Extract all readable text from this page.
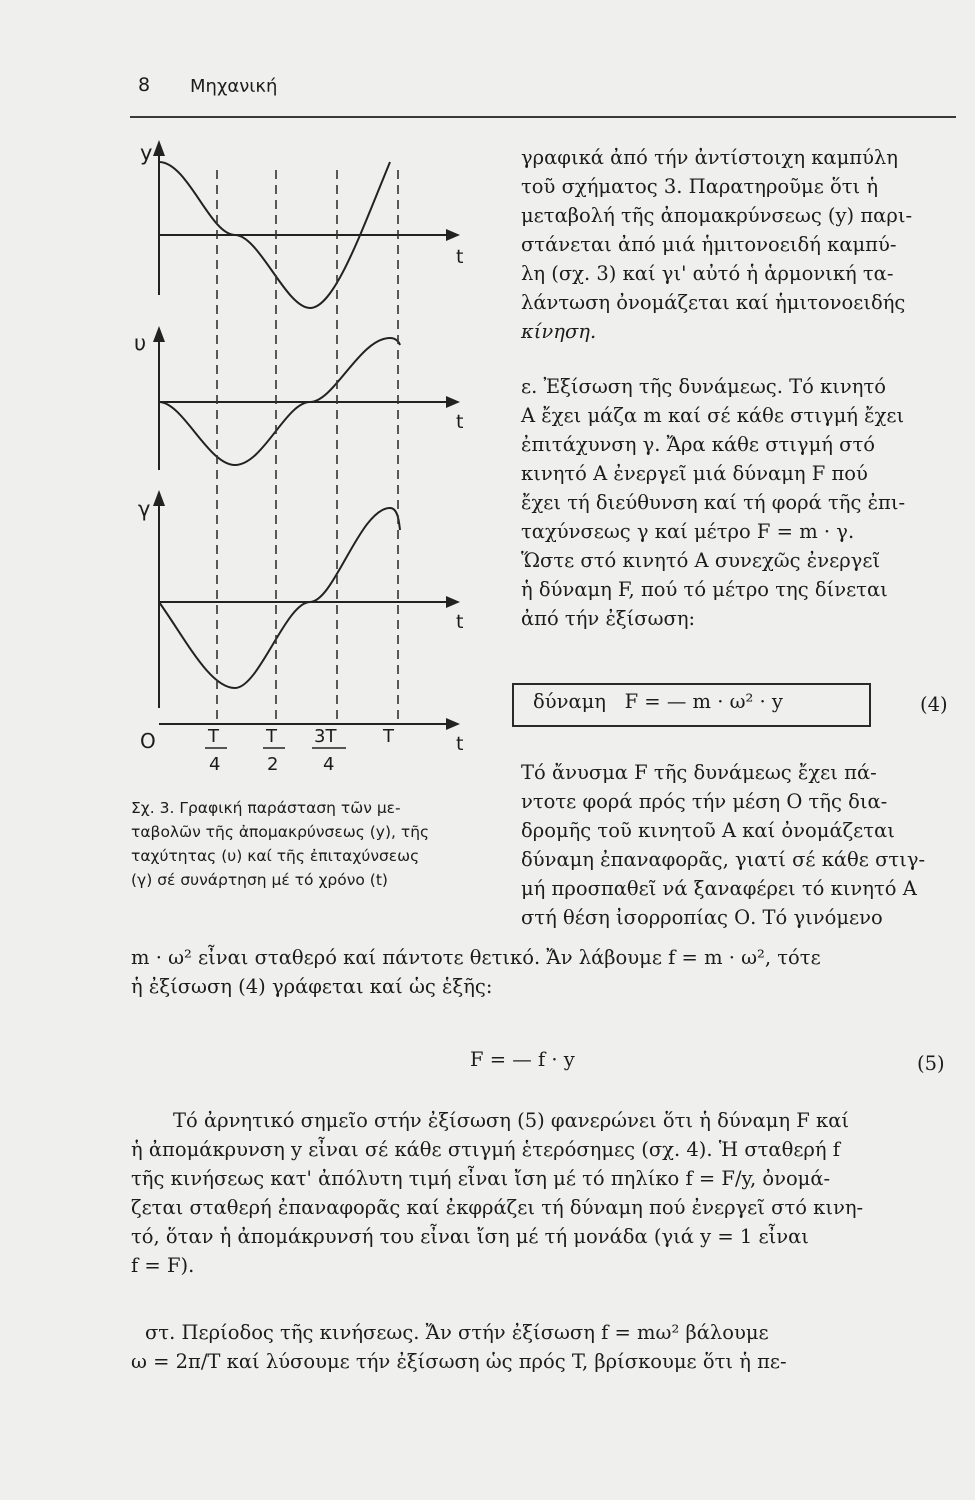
8 Μηχανική
y
t
υ
t
γ
t
O	t
T
4
T
2
3T
4
T
Σχ. 3. Γραφική παράσταση τῶν με-
ταβολῶν τῆς ἀπομακρύνσεως (y), τῆς
ταχύτητας (υ) καί τῆς ἐπιταχύνσεως
(γ) σέ συνάρτηση μέ τό χρόνο (t)
γραφικά ἀπό τήν ἀντίστοιχη καμπύλη
τοῦ σχήματος 3. Παρατηροῦμε ὅτι ἡ
μεταβολή τῆς ἀπομακρύνσεως (y) παρι-
στάνεται ἀπό μιά ἡμιτονοειδή καμπύ-
λη (σχ. 3) καί γι' αὐτό ἡ ἁρμονική τα-
λάντωση ὀνομάζεται καί ἡμιτονοειδής
κίνηση.
ε. Ἐξίσωση τῆς δυνάμεως. Τό κινητό
Α ἔχει μάζα m καί σέ κάθε στιγμή ἔχει
ἐπιτάχυνση γ. Ἄρα κάθε στιγμή στό
κινητό Α ἐνεργεῖ μιά δύναμη F πού
ἔχει τή διεύθυνση καί τή φορά τῆς ἐπι-
ταχύνσεως γ καί μέτρο F = m · γ.
Ὥστε στό κινητό Α συνεχῶς ἐνεργεῖ
ἡ δύναμη F, πού τό μέτρο της δίνεται
ἀπό τήν ἐξίσωση:
δύναμη   F = — m · ω² · y	(4)
Τό ἄνυσμα F τῆς δυνάμεως ἔχει πά-
ντοτε φορά πρός τήν μέση Ο τῆς δια-
δρομῆς τοῦ κινητοῦ Α καί ὀνομάζεται
δύναμη ἐπαναφορᾶς, γιατί σέ κάθε στιγ-
μή προσπαθεῖ νά ξαναφέρει τό κινητό Α
στή θέση ἰσορροπίας Ο. Τό γινόμενο
m · ω² εἶναι σταθερό καί πάντοτε θετικό. Ἄν λάβουμε f = m · ω², τότε
ἡ ἐξίσωση (4) γράφεται καί ὡς ἑξῆς:
F = — f · y	(5)
Τό ἀρνητικό σημεῖο στήν ἐξίσωση (5) φανερώνει ὅτι ἡ δύναμη F καί
ἡ ἀπομάκρυνση y εἶναι σέ κάθε στιγμή ἑτερόσημες (σχ. 4). Ἡ σταθερή f
τῆς κινήσεως κατ' ἀπόλυτη τιμή εἶναι ἴση μέ τό πηλίκο f = F/y, ὀνομά-
ζεται σταθερή ἐπαναφορᾶς καί ἐκφράζει τή δύναμη πού ἐνεργεῖ στό κινη-
τό, ὅταν ἡ ἀπομάκρυνσή του εἶναι ἴση μέ τή μονάδα (γιά y = 1 εἶναι
f = F).
στ. Περίοδος τῆς κινήσεως. Ἄν στήν ἐξίσωση f = mω² βάλουμε
ω = 2π/T καί λύσουμε τήν ἐξίσωση ὡς πρός T, βρίσκουμε ὅτι ἡ πε-
